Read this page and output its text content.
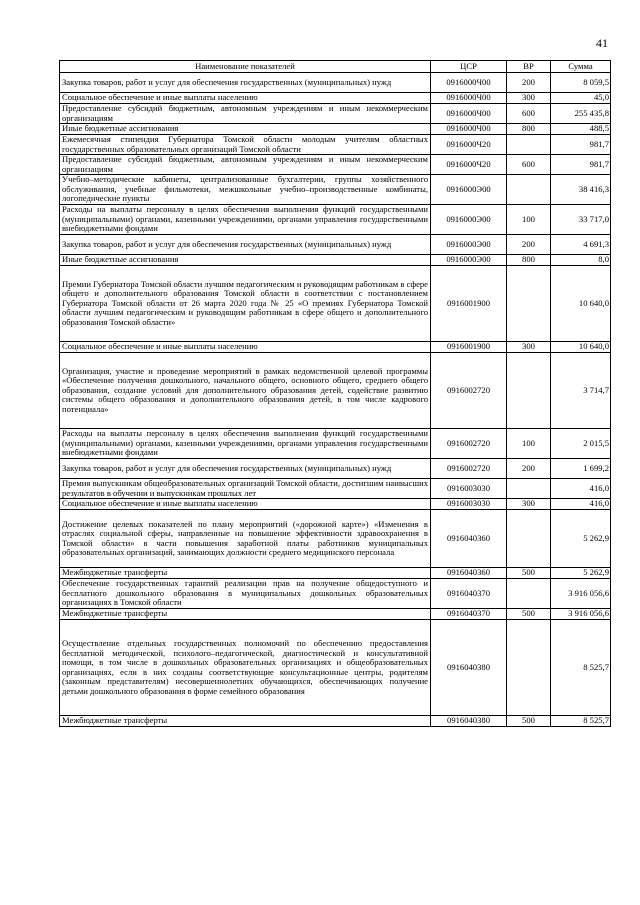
41
Наименование показателей	ЦСР	ВР	Сумма
Закупка товаров, работ и услуг для обеспечения государственных (муниципальных) нужд	0916000Ч00	200	8 059,5
Социальное обеспечение и иные выплаты населению	0916000Ч00	300	45,0
Предоставление субсидий бюджетным, автономным учреждениям и иным некоммерческим организациям	0916000Ч00	600	255 435,8
Иные бюджетные ассигнования	0916000Ч00	800	488,5
Ежемесячная стипендия Губернатора Томской области молодым учителям областных государственных образовательных организаций Томской области	0916000Ч20		981,7
Предоставление субсидий бюджетным, автономным учреждениям и иным некоммерческим организациям	0916000Ч20	600	981,7
Учебно–методические кабинеты, централизованные бухгалтерии, группы хозяйственного обслуживания, учебные фильмотеки, межшкольные учебно–производственные комбинаты, логопедические пункты	0916000Э00		38 416,3
Расходы на выплаты персоналу в целях обеспечения выполнения функций государственными (муниципальными) органами, казенными учреждениями, органами управления государственными внебюджетными фондами	0916000Э00	100	33 717,0
Закупка товаров, работ и услуг для обеспечения государственных (муниципальных) нужд	0916000Э00	200	4 691,3
Иные бюджетные ассигнования	0916000Э00	800	8,0
Премии Губернатора Томской области лучшим педагогическим и руководящим работникам в сфере общего и дополнительного образования Томской области в соответствии с постановлением Губернатора Томской области от 26 марта 2020 года № 25 «О премиях Губернатора Томской области лучшим педагогическим и руководящим работникам в сфере общего и дополнительного образования Томской области»	0916001900		10 640,0
Социальное обеспечение и иные выплаты населению	0916001900	300	10 640,0
Организация, участие и проведение мероприятий в рамках ведомственной целевой программы «Обеспечение получения дошкольного, начального общего, основного общего, среднего общего образования, создание условий для дополнительного образования детей, содействие развитию системы общего образования и дополнительного образования детей, в том числе кадрового потенциала»	0916002720		3 714,7
Расходы на выплаты персоналу в целях обеспечения выполнения функций государственными (муниципальными) органами, казенными учреждениями, органами управления государственными внебюджетными фондами	0916002720	100	2 015,5
Закупка товаров, работ и услуг для обеспечения государственных (муниципальных) нужд	0916002720	200	1 699,2
Премия выпускникам общеобразовательных организаций Томской области, достигшим наивысших результатов в обучении и выпускникам прошлых лет	0916003030		416,0
Социальное обеспечение и иные выплаты населению	0916003030	300	416,0
Достижение целевых показателей по плану мероприятий («дорожной карте») «Изменения в отраслях социальной сферы, направленные на повышение эффективности здравоохранения в Томской области» в части повышения заработной платы работников муниципальных образовательных организаций, занимающих должности среднего медицинского персонала	0916040360		5 262,9
Межбюджетные трансферты	0916040360	500	5 262,9
Обеспечение государственных гарантий реализации прав на получение общедоступного и бесплатного дошкольного образования в муниципальных дошкольных образовательных организациях в Томской области	0916040370		3 916 056,6
Межбюджетные трансферты	0916040370	500	3 916 056,6
Осуществление отдельных государственных полномочий по обеспечению предоставления бесплатной методической, психолого–педагогической, диагностической и консультативной помощи, в том числе в дошкольных образовательных организациях и общеобразовательных организациях, если в них созданы соответствующие консультационные центры, родителям (законным представителям) несовершеннолетних обучающихся, обеспечивающих получение детьми дошкольного образования в форме семейного образования	0916040380		8 525,7
Межбюджетные трансферты	0916040380	500	8 525,7
